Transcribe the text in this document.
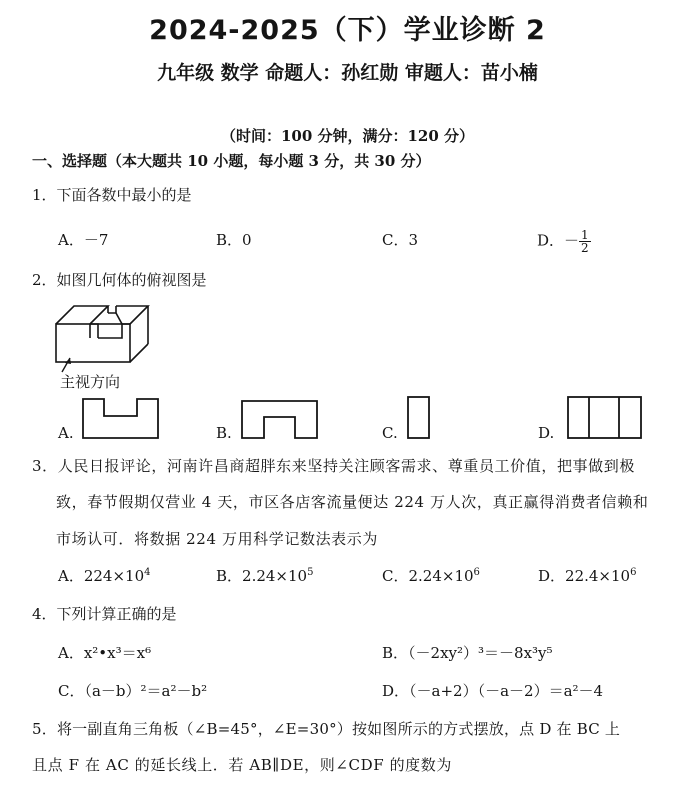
2024-2025（下）学业诊断 2
九年级 数学 命题人：孙红勋 审题人：苗小楠
（时间：100 分钟，满分：120 分）
一、选择题（本大题共 10 小题，每小题 3 分，共 30 分）
1．下面各数中最小的是
A．－7	B．0	C．3	D．－ $\frac{1}{2}$
2．如图几何体的俯视图是
主视方向
A.	B.	C.	D.
3．人民日报评论，河南许昌商超胖东来坚持关注顾客需求、尊重员工价值，把事做到极
致，春节假期仅营业 4 天，市区各店客流量便达 224 万人次，真正赢得消费者信赖和
市场认可．将数据 224 万用科学记数法表示为
A．$224\times 10^4$	B．$2.24\times 10^5$	C．$2.24\times 10^6$	D．$22.4\times 10^6$
4．下列计算正确的是
A．x²•x³＝x⁶	B．（－2xy²）³＝－8x³y⁵
C．（a－b）²＝a²－b²	D．（－a+2）（－a－2）＝a²－4
5．将一副直角三角板（∠B=45°，∠E=30°）按如图所示的方式摆放，点 D 在 BC 上
且点 F 在 AC 的延长线上．若 AB∥DE，则∠CDF 的度数为
